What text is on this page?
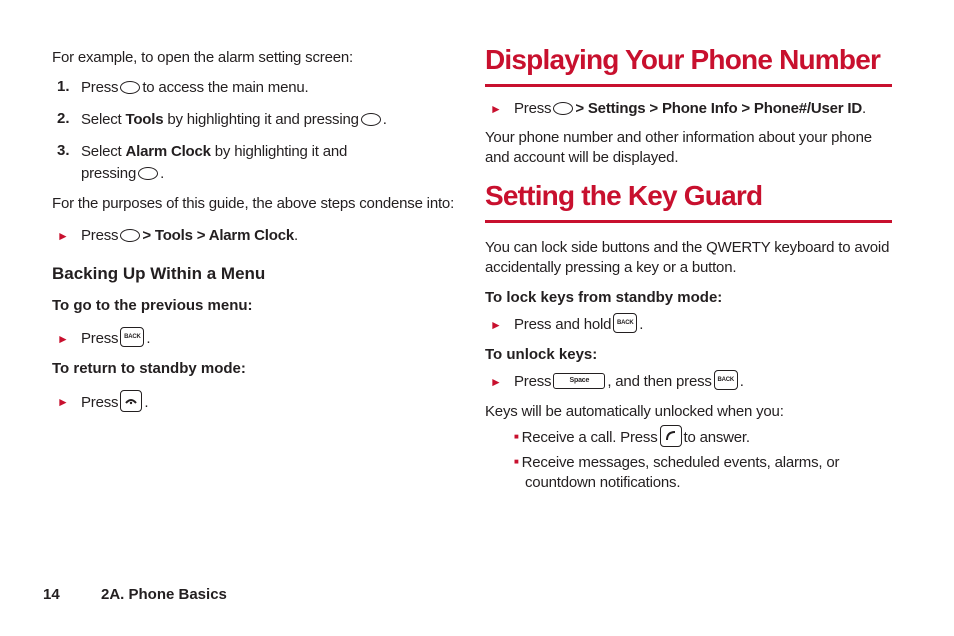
For example, to open the alarm setting screen:
1. Press to access the main menu.
2. Select Tools by highlighting it and pressing .
3. Select Alarm Clock by highlighting it and
pressing .
For the purposes of this guide, the above steps condense into:
► Press > Tools > Alarm Clock.
Backing Up Within a Menu
To go to the previous menu:
► Press BACK .
To return to standby mode:
► Press .
Displaying Your Phone Number
► Press > Settings > Phone Info > Phone#/User ID.
Your phone number and other information about your phone
and account will be displayed.
Setting the Key Guard
You can lock side buttons and the QWERTY keyboard to avoid
accidentally pressing a key or a button.
To lock keys from standby mode:
► Press and hold BACK .
To unlock keys:
► Press	Space , and then press BACK .
Keys will be automatically unlocked when you:
■ Receive a call. Press to answer.
■ Receive messages, scheduled events, alarms, or
countdown notifications.
14	2A. Phone Basics
